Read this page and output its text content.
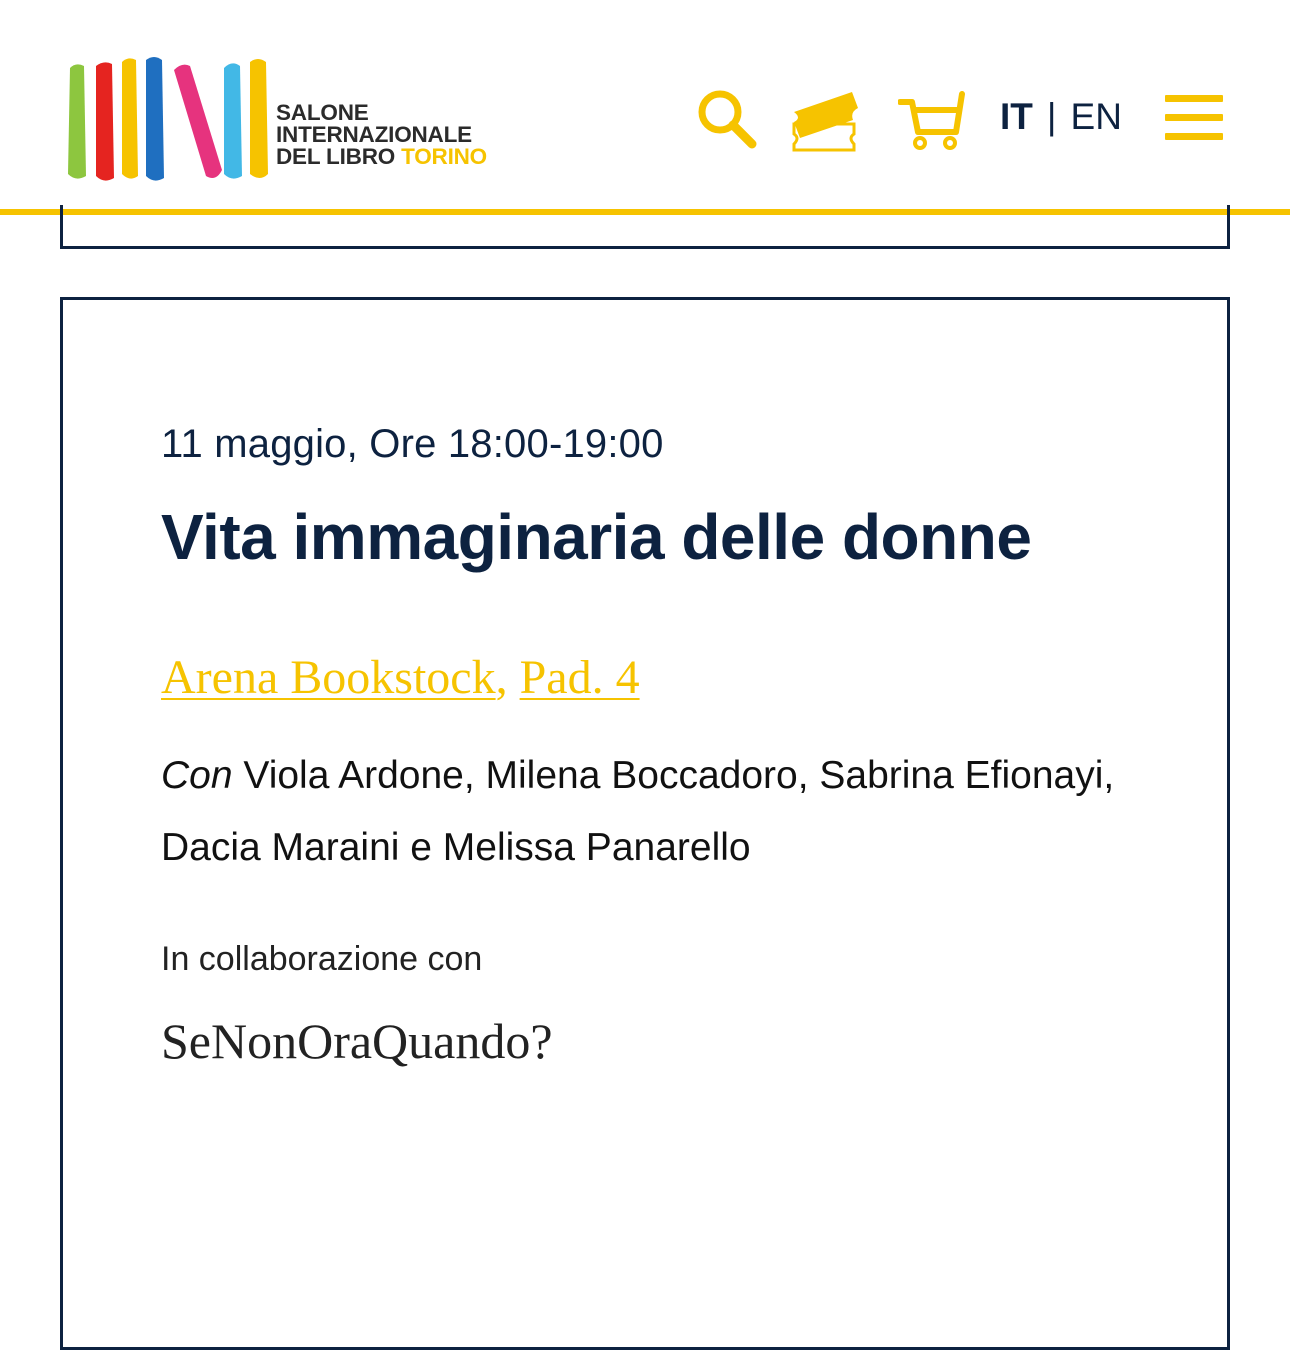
SALONE
INTERNAZIONALE
DEL LIBRO TORINO
IT | EN
11 maggio, Ore 18:00-19:00
Vita immaginaria delle donne
Arena Bookstock, Pad. 4
Con Viola Ardone, Milena Boccadoro, Sabrina Efionayi, Dacia Maraini e Melissa Panarello
In collaborazione con
SeNonOraQuando?
